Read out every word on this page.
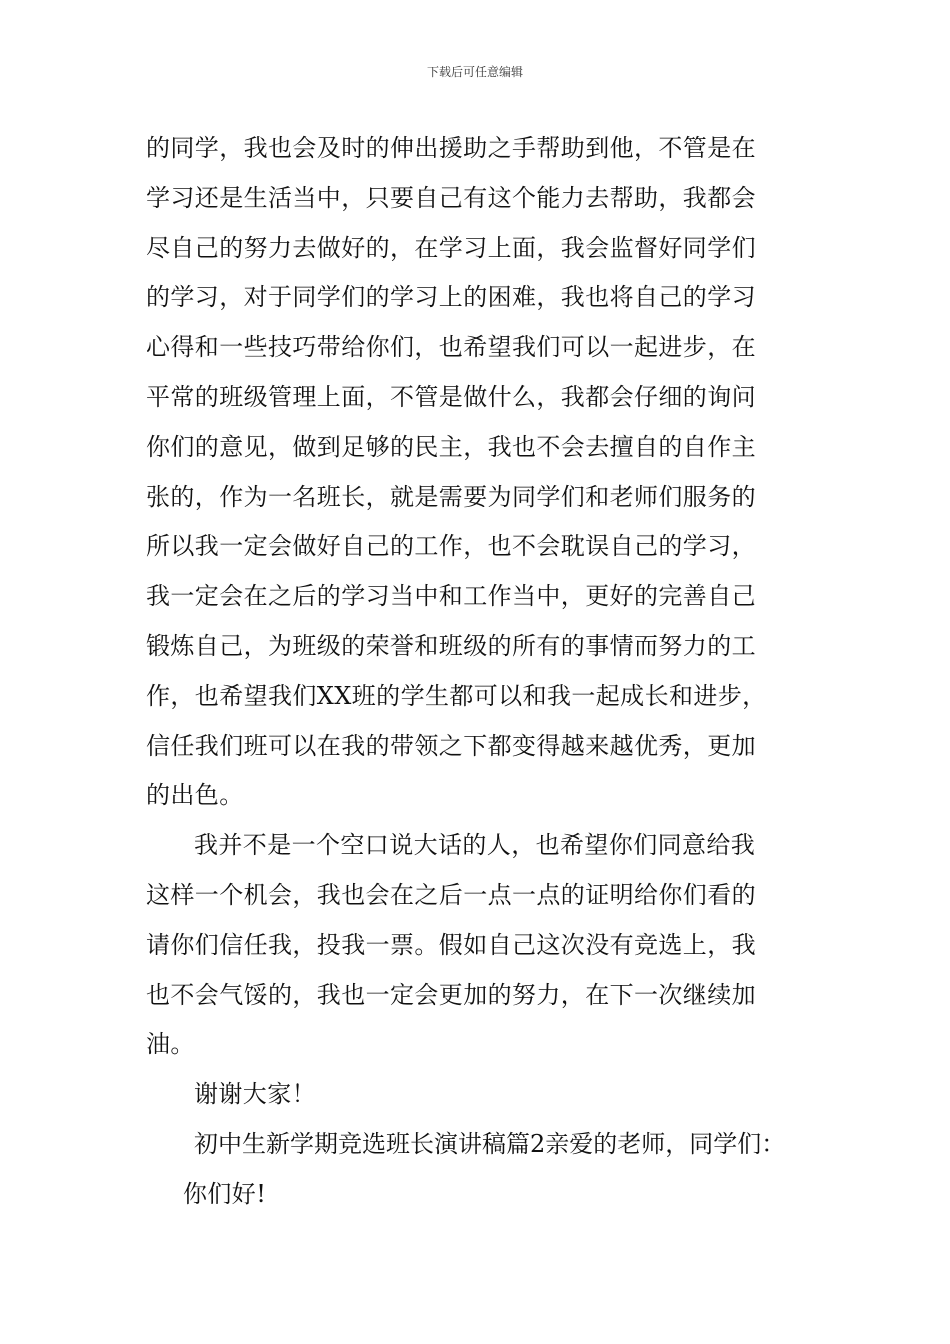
下载后可任意编辑

的同学，我也会及时的伸出援助之手帮助到他，不管是在
学习还是生活当中，只要自己有这个能力去帮助，我都会
尽自己的努力去做好的，在学习上面，我会监督好同学们
的学习，对于同学们的学习上的困难，我也将自己的学习
心得和一些技巧带给你们，也希望我们可以一起进步，在
平常的班级管理上面，不管是做什么，我都会仔细的询问
你们的意见，做到足够的民主，我也不会去擅自的自作主
张的，作为一名班长，就是需要为同学们和老师们服务的
所以我一定会做好自己的工作，也不会耽误自己的学习，
我一定会在之后的学习当中和工作当中，更好的完善自己
锻炼自己，为班级的荣誉和班级的所有的事情而努力的工
作，也希望我们XX班的学生都可以和我一起成长和进步，
信任我们班可以在我的带领之下都变得越来越优秀，更加
的出色。

我并不是一个空口说大话的人，也希望你们同意给我
这样一个机会，我也会在之后一点一点的证明给你们看的
请你们信任我，投我一票。假如自己这次没有竞选上，我
也不会气馁的，我也一定会更加的努力，在下一次继续加
油。

谢谢大家！

初中生新学期竞选班长演讲稿篇2亲爱的老师，同学们：

你们好!
